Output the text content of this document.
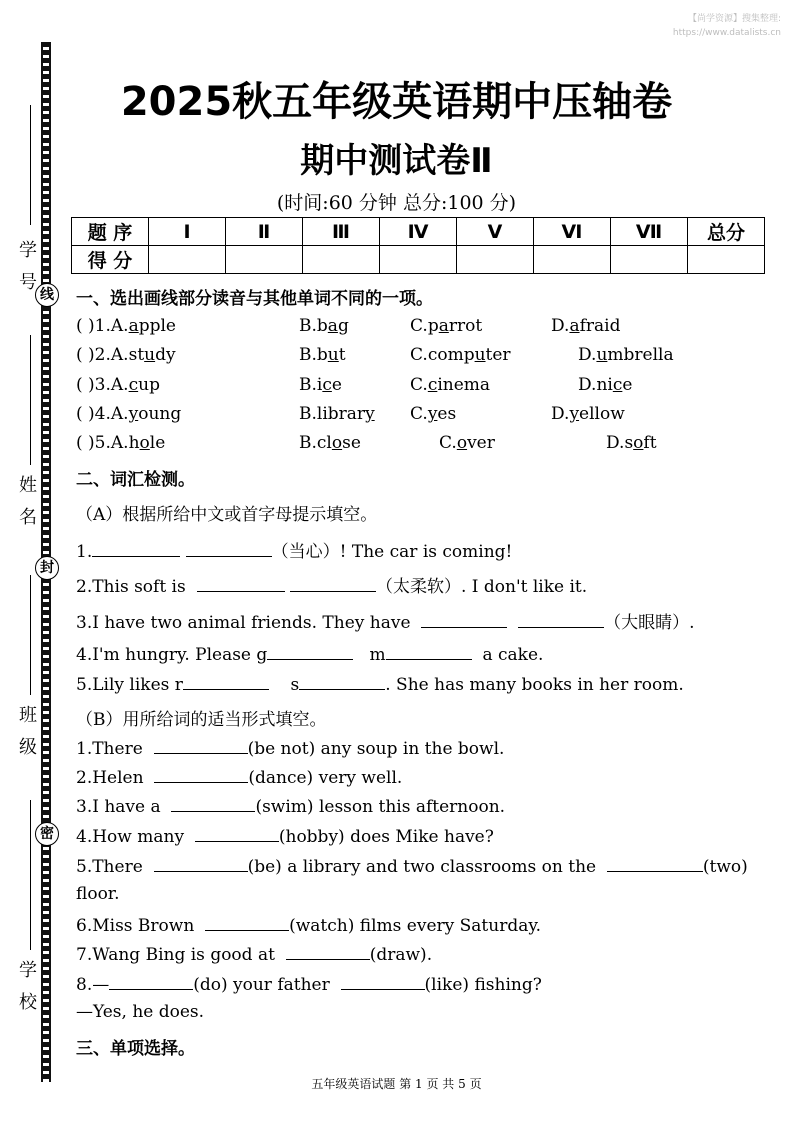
【尚学资源】搜集整理:
https://www.datalists.cn
线
封
密
学号
姓名
班级
学校
2025秋五年级英语期中压轴卷
期中测试卷Ⅱ
(时间:60 分钟 总分:100 分)
题 序	Ⅰ	Ⅱ	Ⅲ	Ⅳ	Ⅴ	Ⅵ	Ⅶ	总分
得 分								
一、选出画线部分读音与其他单词不同的一项。
( )1.A.apple	B.bag	C.parrot	D.afraid
( )2.A.study	B.but	C.computer	D.umbrella
( )3.A.cup	B.ice	C.cinema	D.nice
( )4.A.young	B.library C.yes	D.yellow
( )5.A.hole	B.close	C.over	D.soft
二、词汇检测。
（A）根据所给中文或首字母提示填空。
1.	（当心）! The car is coming!
2.This soft is	（太柔软）. I don't like it.
3.I have two animal friends. They have	（大眼睛）.
4.I'm hungry. Please g	m	a cake.
5.Lily likes r	s	. She has many books in her room.
（B）用所给词的适当形式填空。
1.There	(be not) any soup in the bowl.
2.Helen	(dance) very well.
3.I have a	(swim) lesson this afternoon.
4.How many	(hobby) does Mike have?
5.There	(be) a library and two classrooms on the	(two)
floor.
6.Miss Brown	(watch) films every Saturday.
7.Wang Bing is good at	(draw).
8.—	(do) your father	(like) fishing?
—Yes, he does.
三、单项选择。
五年级英语试题 第 1 页 共 5 页
